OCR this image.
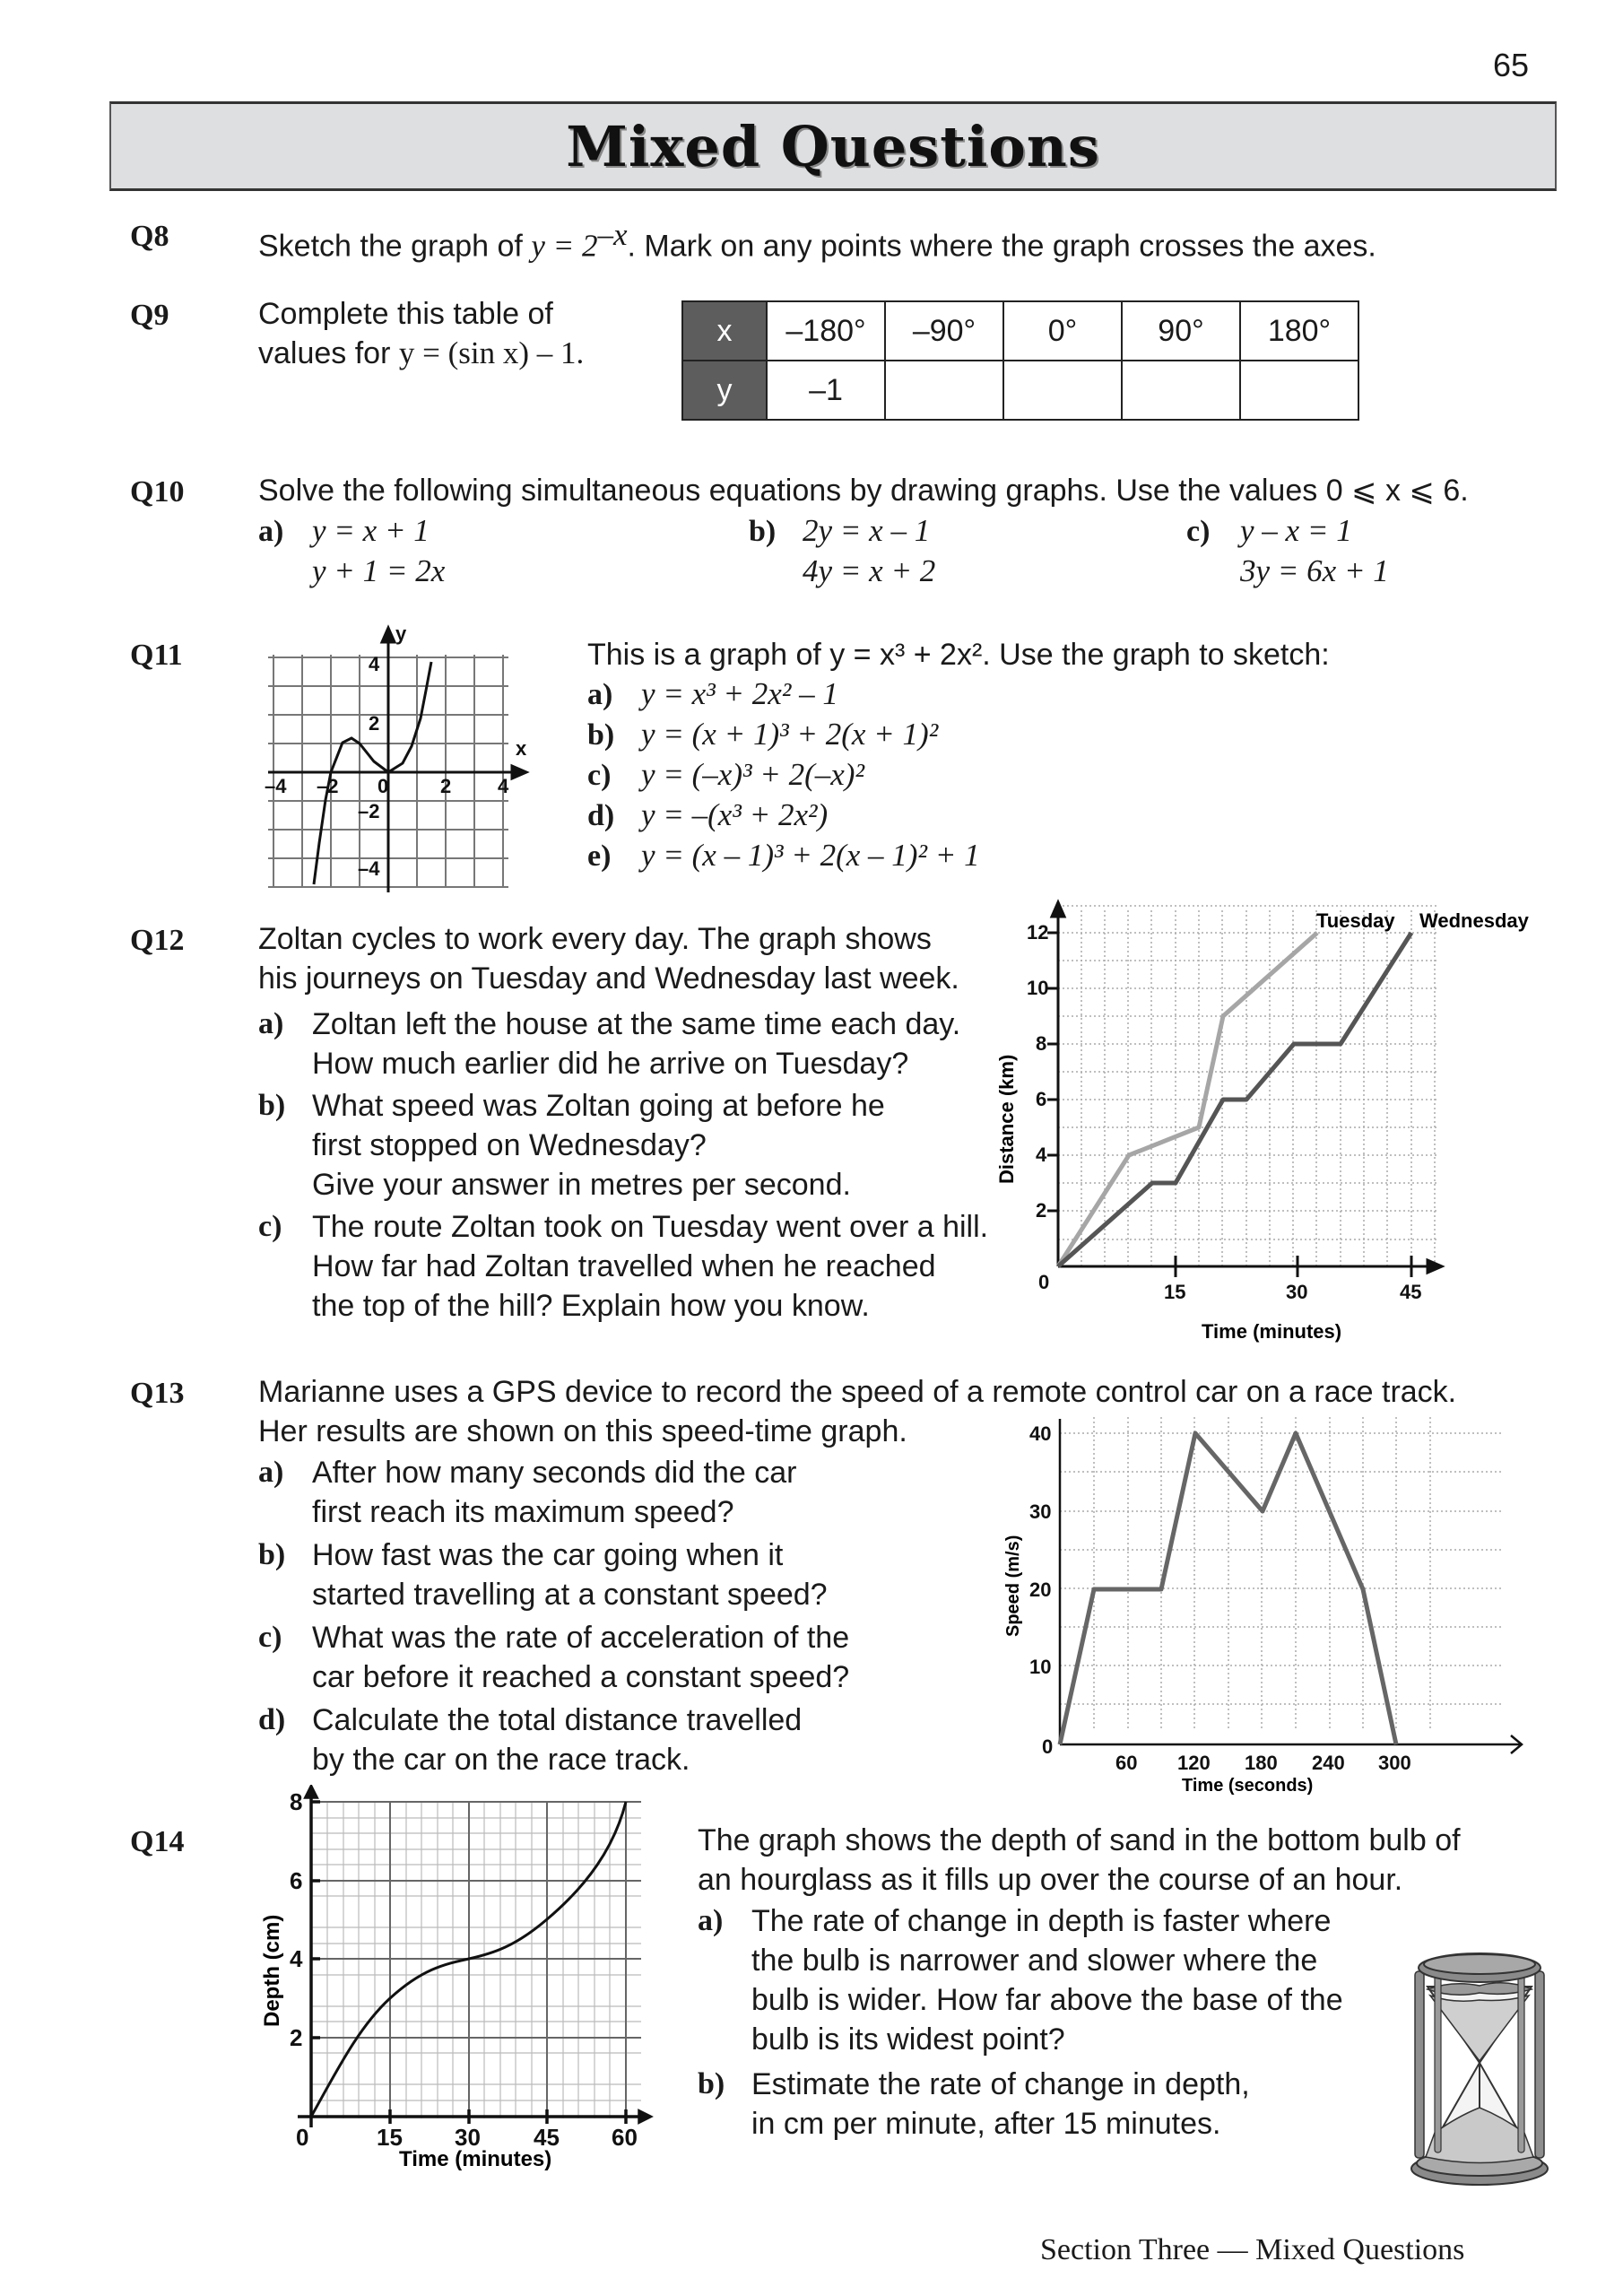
65
Mixed Questions
Q8	Sketch the graph of $y = 2^{-x}$. Mark on any points where the graph crosses the axes.
Q9	Complete this table of
values for y = (sin x) – 1.
x	–180°	–90°	0°	90°	180°
y	–1				
Q10 Solve the following simultaneous equations by drawing graphs. Use the values 0 ⩽ x ⩽ 6.
a) y = x + 1
y + 1 = 2x
b) 2y = x – 1
4y = x + 2
c) y – x = 1
3y = 6x + 1
Q11
y
x
4
2
–2
–4
–4 –2 0	2 4
This is a graph of y = x³ + 2x². Use the graph to sketch:
a) y = x³ + 2x² – 1
b) y = (x + 1)³ + 2(x + 1)²
c) y = (–x)³ + 2(–x)²
d) y = –(x³ + 2x²)
e) y = (x – 1)³ + 2(x – 1)² + 1
Q12 Zoltan cycles to work every day. The graph shows
his journeys on Tuesday and Wednesday last week.
a) Zoltan left the house at the same time each day.
How much earlier did he arrive on Tuesday?
b) What speed was Zoltan going at before he
first stopped on Wednesday?
Give your answer in metres per second.
c) The route Zoltan took on Tuesday went over a hill.
How far had Zoltan travelled when he reached
the top of the hill? Explain how you know.
12
10
8
6
4
2
0	15	30	45
Time (minutes)
Distance (km)
Tuesday Wednesday
Q13 Marianne uses a GPS device to record the speed of a remote control car on a race track.
Her results are shown on this speed-time graph.
a) After how many seconds did the car
first reach its maximum speed?
b) How fast was the car going when it
started travelling at a constant speed?
c) What was the rate of acceleration of the
car before it reached a constant speed?
d) Calculate the total distance travelled
by the car on the race track.
40
30
20
10
0
60 120 180 240 300
Time (seconds)
Speed (m/s)
Q14
8
6
4
2
0	15 30 45 60
Time (minutes)
Depth (cm)
The graph shows the depth of sand in the bottom bulb of
an hourglass as it fills up over the course of an hour.
a) The rate of change in depth is faster where
the bulb is narrower and slower where the
bulb is wider. How far above the base of the
bulb is its widest point?
b) Estimate the rate of change in depth,
in cm per minute, after 15 minutes.
Section Three — Mixed Questions
